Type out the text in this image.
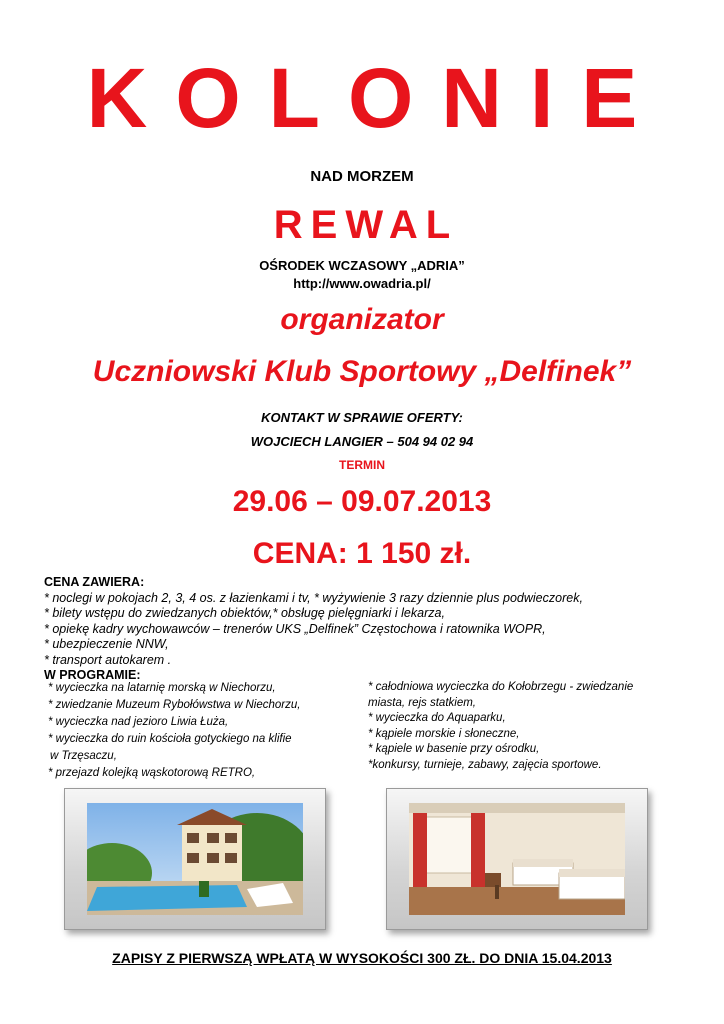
KOLONIE
NAD MORZEM
REWAL
OŚRODEK WCZASOWY „ADRIA”
http://www.owadria.pl/
organizator
Uczniowski Klub Sportowy „Delfinek”
KONTAKT W SPRAWIE OFERTY:
WOJCIECH LANGIER – 504 94 02 94
TERMIN
29.06 – 09.07.2013
CENA: 1 150 zł.
CENA ZAWIERA:
* noclegi w pokojach 2, 3, 4 os. z łazienkami i tv, * wyżywienie 3 razy dziennie plus podwieczorek,
* bilety wstępu do zwiedzanych obiektów,* obsługę pielęgniarki i lekarza,
* opiekę kadry wychowawców – trenerów UKS „Delfinek” Częstochowa i ratownika WOPR,
* ubezpieczenie NNW,
* transport autokarem .
W PROGRAMIE:
* wycieczka na latarnię morską w Niechorzu,
* zwiedzanie Muzeum Rybołówstwa w Niechorzu,
* wycieczka nad jezioro Liwia Łuża,
* wycieczka do ruin kościoła gotyckiego na klifie
w Trzęsaczu,
* przejazd kolejką wąskotorową RETRO,
* całodniowa wycieczka do Kołobrzegu - zwiedzanie
miasta, rejs statkiem,
* wycieczka do Aquaparku,
* kąpiele morskie i słoneczne,
* kąpiele w basenie przy ośrodku,
*konkursy, turnieje, zabawy, zajęcia sportowe.
ZAPISY Z PIERWSZĄ WPŁATĄ W WYSOKOŚCI 300 ZŁ. DO DNIA 15.04.2013
